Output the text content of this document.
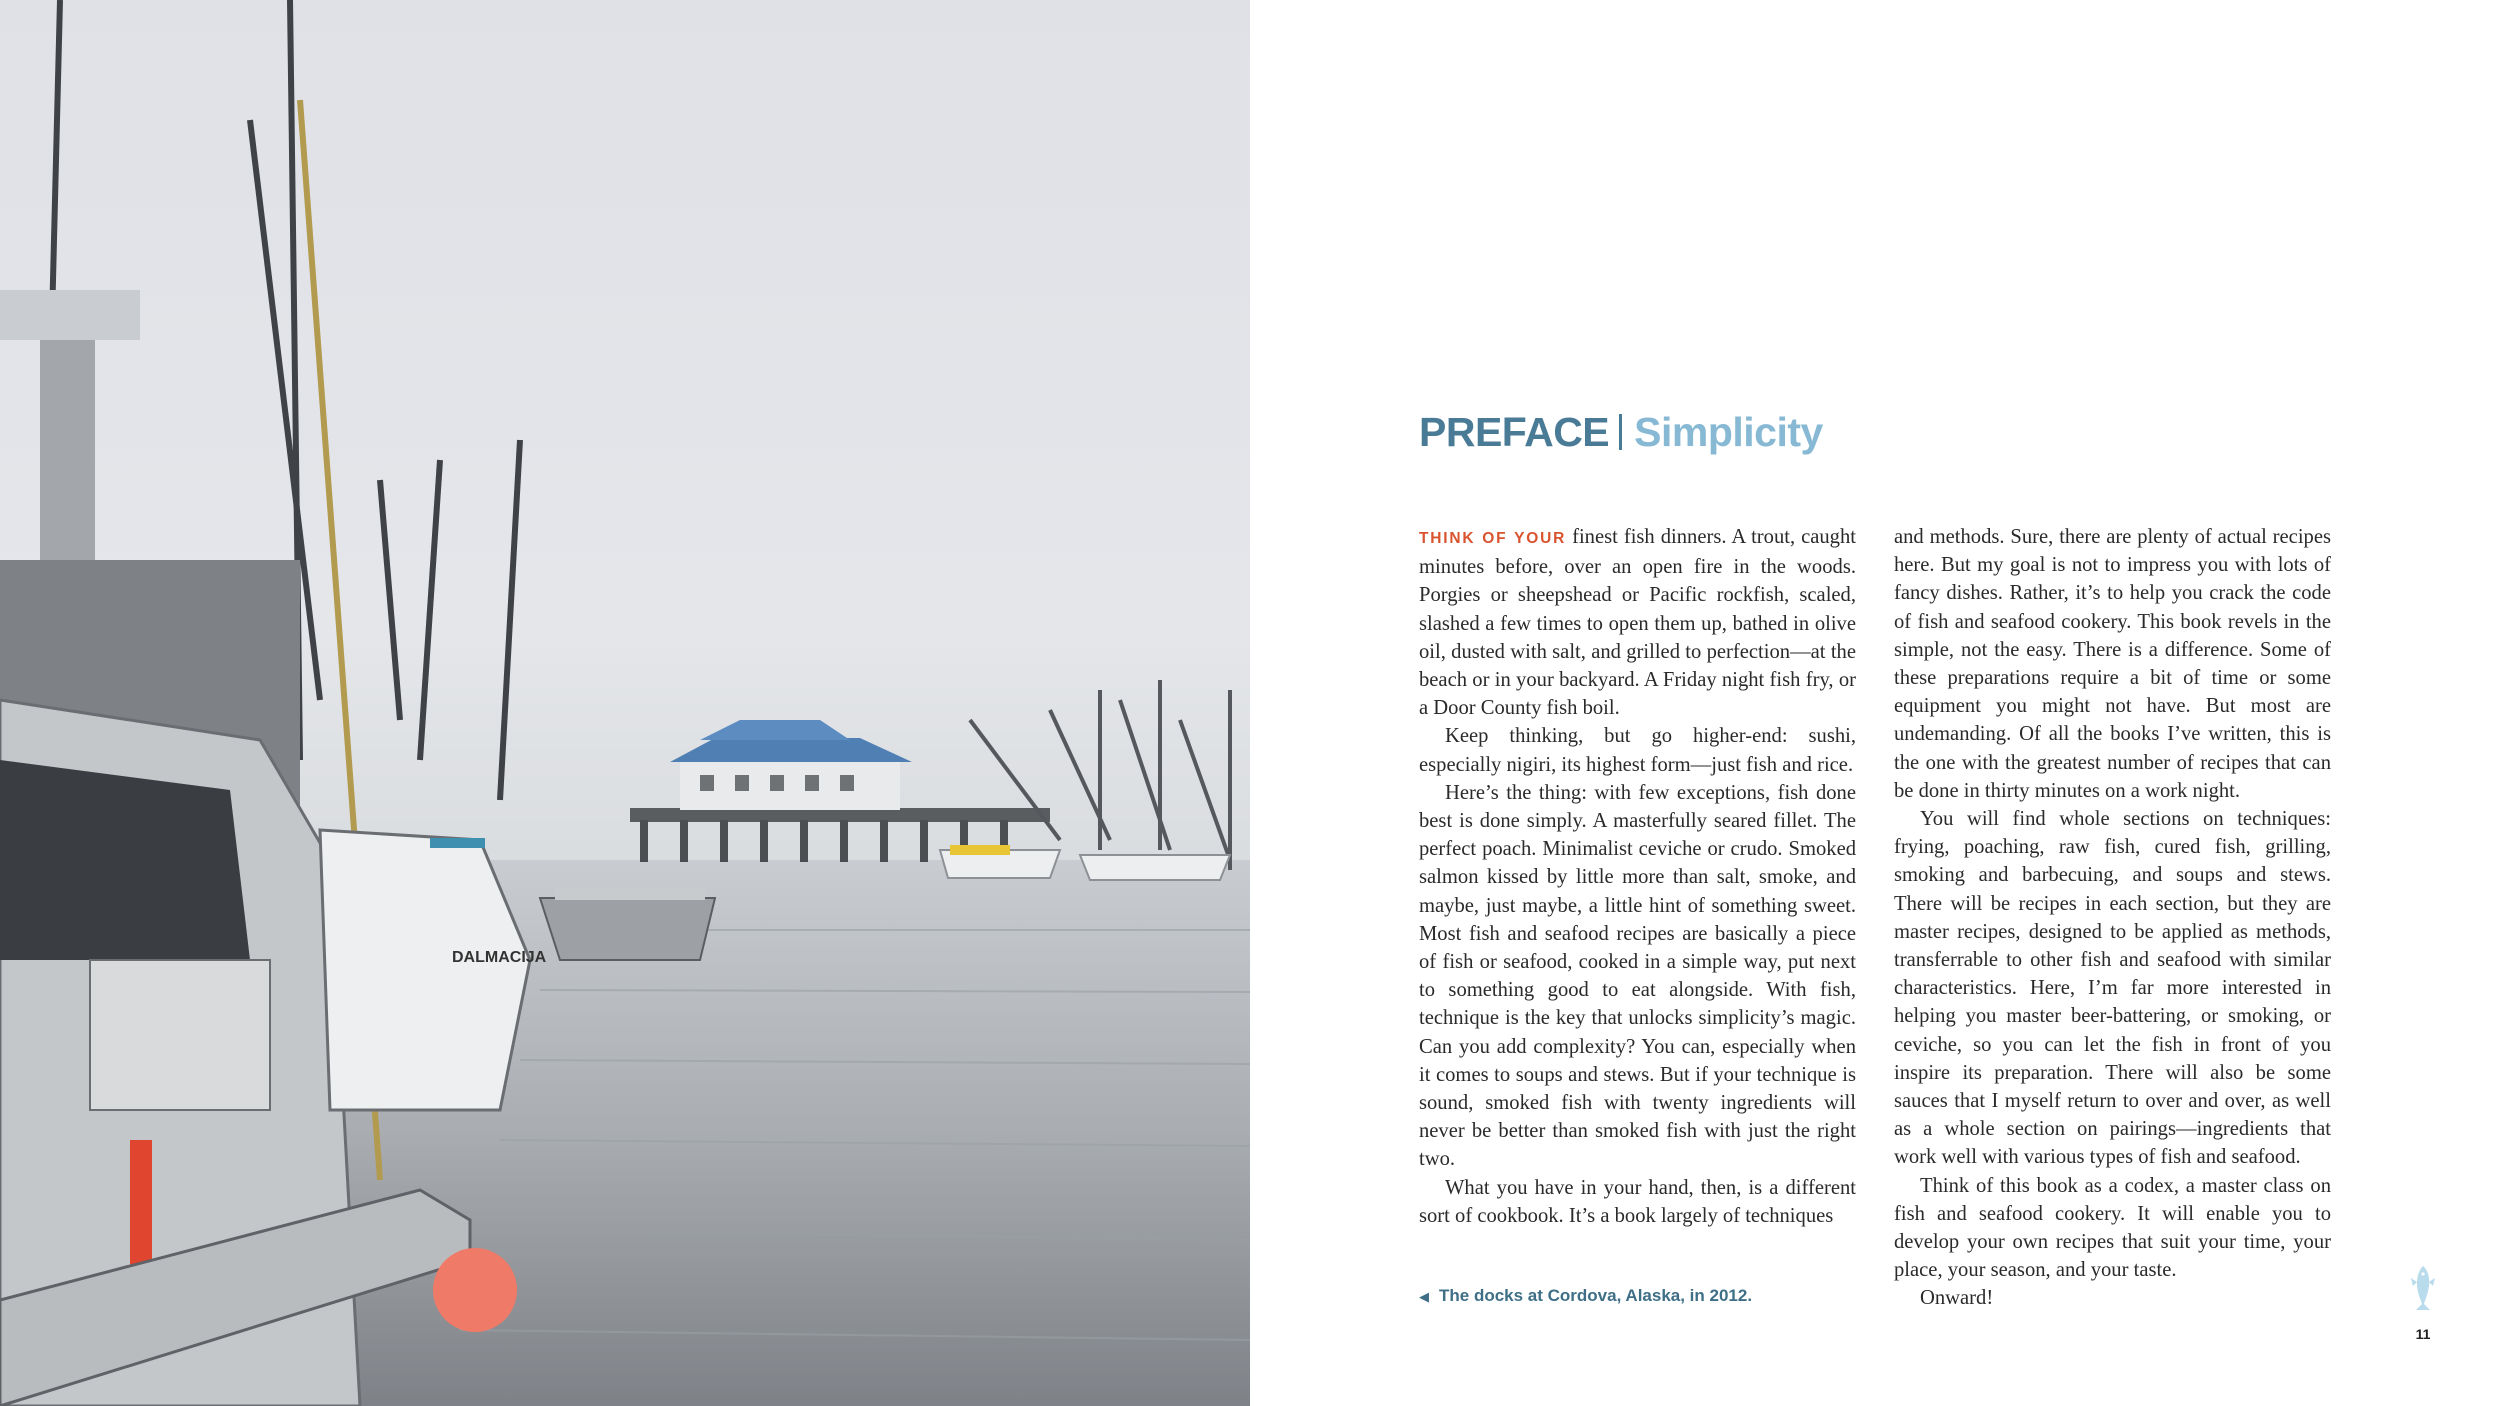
DALMACIJA
PREFACE Simplicity

THINK OF YOUR finest fish dinners. A trout, caught minutes before, over an open fire in the woods. Porgies or sheepshead or Pacific rockfish, scaled, slashed a few times to open them up, bathed in olive oil, dusted with salt, and grilled to perfection—at the beach or in your backyard. A Friday night fish fry, or a Door County fish boil.

Keep thinking, but go higher-end: sushi, especially nigiri, its highest form—just fish and rice.

Here’s the thing: with few exceptions, fish done best is done simply. A masterfully seared fillet. The perfect poach. Minimalist ceviche or crudo. Smoked salmon kissed by little more than salt, smoke, and maybe, just maybe, a little hint of something sweet. Most fish and seafood recipes are basically a piece of fish or seafood, cooked in a simple way, put next to something good to eat alongside. With fish, technique is the key that unlocks simplicity’s magic. Can you add complexity? You can, especially when it comes to soups and stews. But if your technique is sound, smoked fish with twenty ingredients will never be better than smoked fish with just the right two.

What you have in your hand, then, is a different sort of cookbook. It’s a book largely of techniques

and methods. Sure, there are plenty of actual recipes here. But my goal is not to impress you with lots of fancy dishes. Rather, it’s to help you crack the code of fish and seafood cookery. This book revels in the simple, not the easy. There is a difference. Some of these preparations require a bit of time or some equipment you might not have. But most are undemanding. Of all the books I’ve written, this is the one with the greatest number of recipes that can be done in thirty minutes on a work night.

You will find whole sections on techniques: frying, poaching, raw fish, cured fish, grilling, smoking and barbecuing, and soups and stews. There will be recipes in each section, but they are master recipes, designed to be applied as methods, transferrable to other fish and seafood with similar characteristics. Here, I’m far more interested in helping you master beer-battering, or smoking, or ceviche, so you can let the fish in front of you inspire its preparation. There will also be some sauces that I myself return to over and over, as well as a whole section on pairings—ingredients that work well with various types of fish and seafood.

Think of this book as a codex, a master class on fish and seafood cookery. It will enable you to develop your own recipes that suit your time, your place, your season, and your taste.

Onward!

◀ The docks at Cordova, Alaska, in 2012.
11
